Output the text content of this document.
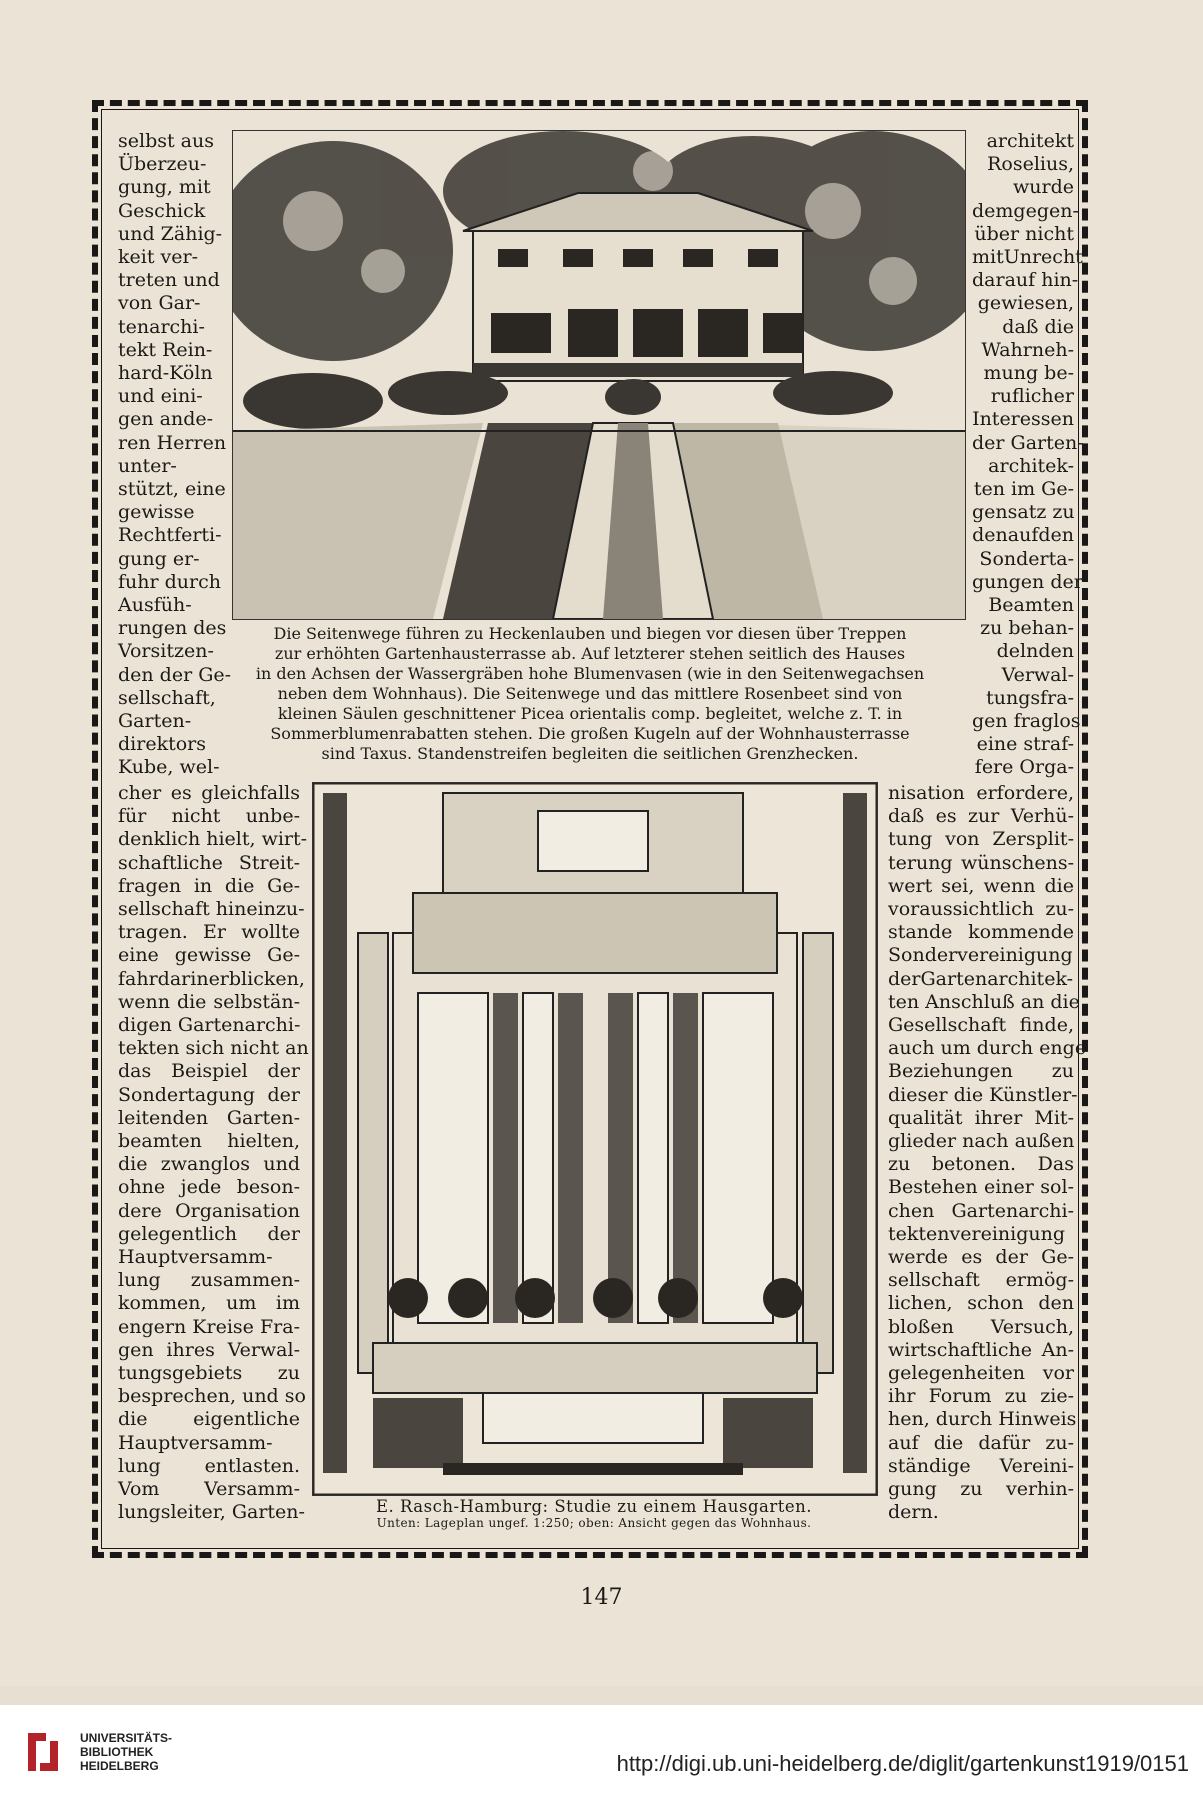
selbst aus
Überzeu-
gung, mit
Geschick
und Zähig-
keit ver-
treten und
von Gar-
tenarchi-
tekt Rein-
hard-Köln
und eini-
gen ande-
ren Herren
unter-
stützt, eine
gewisse
Rechtferti-
gung er-
fuhr durch
Ausfüh-
rungen des
Vorsitzen-
den der Ge-
sellschaft,
Garten-
direktors
Kube, wel-
architekt
Roselius,
wurde
demgegen-
über nicht
mitUnrecht
darauf hin-
gewiesen,
daß die
Wahrneh-
mung be-
ruflicher
Interessen
der Garten-
architek-
ten im Ge-
gensatz zu
denaufden
Sonderta-
gungen der
Beamten
zu behan-
delnden
Verwal-
tungsfra-
gen fraglos
eine straf-
fere Orga-
Die Seitenwege führen zu Heckenlauben und biegen vor diesen über Treppen
zur erhöhten Gartenhausterrasse ab. Auf letzterer stehen seitlich des Hauses
in den Achsen der Wassergräben hohe Blumenvasen (wie in den Seitenwegachsen
neben dem Wohnhaus). Die Seitenwege und das mittlere Rosenbeet sind von
kleinen Säulen geschnittener Picea orientalis comp. begleitet, welche z. T. in
Sommerblumenrabatten stehen. Die großen Kugeln auf der Wohnhausterrasse
sind Taxus. Standenstreifen begleiten die seitlichen Grenzhecken.
cher es gleichfalls
für nicht unbe-
denklich hielt, wirt-
schaftliche Streit-
fragen in die Ge-
sellschaft hineinzu-
tragen. Er wollte
eine gewisse Ge-
fahrdarinerblicken,
wenn die selbstän-
digen Gartenarchi-
tekten sich nicht an
das Beispiel der
Sondertagung der
leitenden Garten-
beamten hielten,
die zwanglos und
ohne jede beson-
dere Organisation
gelegentlich der
Hauptversamm-
lung zusammen-
kommen, um im
engern Kreise Fra-
gen ihres Verwal-
tungsgebiets zu
besprechen, und so
die eigentliche
Hauptversamm-
lung entlasten.
Vom Versamm-
lungsleiter, Garten-
nisation erfordere,
daß es zur Verhü-
tung von Zersplit-
terung wünschens-
wert sei, wenn die
voraussichtlich zu-
stande kommende
Sondervereinigung
derGartenarchitek-
ten Anschluß an die
Gesellschaft finde,
auch um durch enge
Beziehungen zu
dieser die Künstler-
qualität ihrer Mit-
glieder nach außen
zu betonen. Das
Bestehen einer sol-
chen Gartenarchi-
tektenvereinigung
werde es der Ge-
sellschaft ermög-
lichen, schon den
bloßen Versuch,
wirtschaftliche An-
gelegenheiten vor
ihr Forum zu zie-
hen, durch Hinweis
auf die dafür zu-
ständige Vereini-
gung zu verhin-
dern.
E. Rasch-Hamburg: Studie zu einem Hausgarten.
Unten: Lageplan ungef. 1:250; oben: Ansicht gegen das Wohnhaus.
147
UNIVERSITÄTS-
BIBLIOTHEK
HEIDELBERG	http://digi.ub.uni-heidelberg.de/diglit/gartenkunst1919/0151
